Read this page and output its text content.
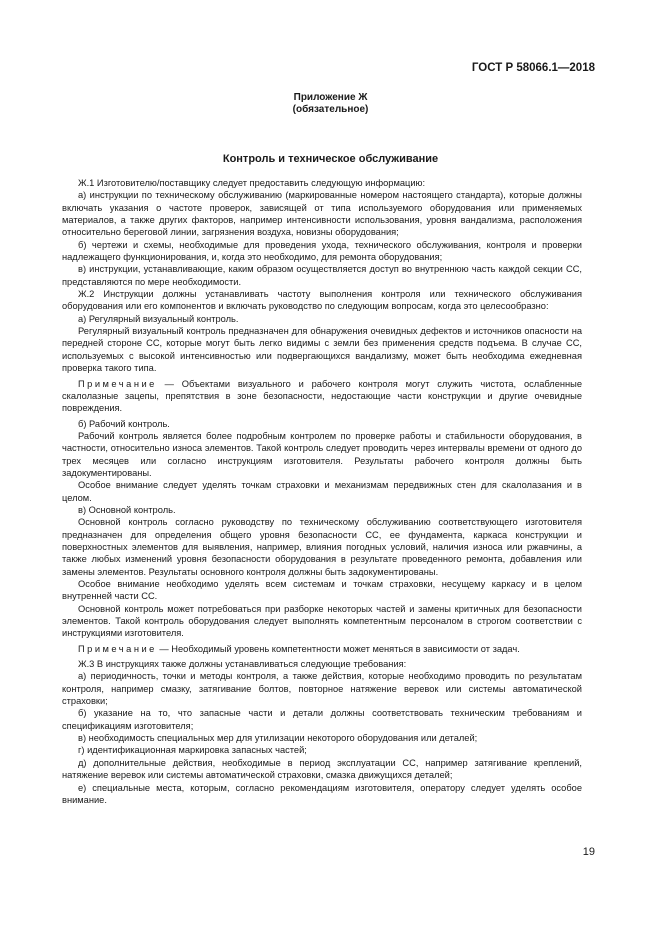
ГОСТ Р 58066.1—2018
Приложение Ж
(обязательное)
Контроль и техническое обслуживание

Ж.1 Изготовителю/поставщику следует предоставить следующую информацию:

а) инструкции по техническому обслуживанию (маркированные номером настоящего стандарта), которые должны включать указания о частоте проверок, зависящей от типа используемого оборудования или применяемых материалов, а также других факторов, например интенсивности использования, уровня вандализма, расположения относительно береговой линии, загрязнения воздуха, новизны оборудования;

б) чертежи и схемы, необходимые для проведения ухода, технического обслуживания, контроля и проверки надлежащего функционирования, и, когда это необходимо, для ремонта оборудования;

в) инструкции, устанавливающие, каким образом осуществляется доступ во внутреннюю часть каждой секции СС, представляются по мере необходимости.

Ж.2 Инструкции должны устанавливать частоту выполнения контроля или технического обслуживания оборудования или его компонентов и включать руководство по следующим вопросам, когда это целесообразно:

а) Регулярный визуальный контроль.

Регулярный визуальный контроль предназначен для обнаружения очевидных дефектов и источников опасности на передней стороне СС, которые могут быть легко видимы с земли без применения средств подъема. В случае СС, используемых с высокой интенсивностью или подвергающихся вандализму, может быть необходима ежедневная проверка такого типа.

Примечание — Объектами визуального и рабочего контроля могут служить чистота, ослабленные скалолазные зацепы, препятствия в зоне безопасности, недостающие части конструкции и другие очевидные повреждения.

б) Рабочий контроль.

Рабочий контроль является более подробным контролем по проверке работы и стабильности оборудования, в частности, относительно износа элементов. Такой контроль следует проводить через интервалы времени от одного до трех месяцев или согласно инструкциям изготовителя. Результаты рабочего контроля должны быть задокументированы.

Особое внимание следует уделять точкам страховки и механизмам передвижных стен для скалолазания и в целом.

в) Основной контроль.

Основной контроль согласно руководству по техническому обслуживанию соответствующего изготовителя предназначен для определения общего уровня безопасности СС, ее фундамента, каркаса конструкции и поверхностных элементов для выявления, например, влияния погодных условий, наличия износа или ржавчины, а также любых изменений уровня безопасности оборудования в результате проведенного ремонта, добавления или замены элементов. Результаты основного контроля должны быть задокументированы.

Особое внимание необходимо уделять всем системам и точкам страховки, несущему каркасу и в целом внутренней части СС.

Основной контроль может потребоваться при разборке некоторых частей и замены критичных для безопасности элементов. Такой контроль оборудования следует выполнять компетентным персоналом в строгом соответствии с инструкциями изготовителя.

Примечание — Необходимый уровень компетентности может меняться в зависимости от задач.

Ж.3 В инструкциях также должны устанавливаться следующие требования:

а) периодичность, точки и методы контроля, а также действия, которые необходимо проводить по результатам контроля, например смазку, затягивание болтов, повторное натяжение веревок или системы автоматической страховки;

б) указание на то, что запасные части и детали должны соответствовать техническим требованиям и спецификациям изготовителя;

в) необходимость специальных мер для утилизации некоторого оборудования или деталей;

г) идентификационная маркировка запасных частей;

д) дополнительные действия, необходимые в период эксплуатации СС, например затягивание креплений, натяжение веревок или системы автоматической страховки, смазка движущихся деталей;

е) специальные места, которым, согласно рекомендациям изготовителя, оператору следует уделять особое внимание.

19
